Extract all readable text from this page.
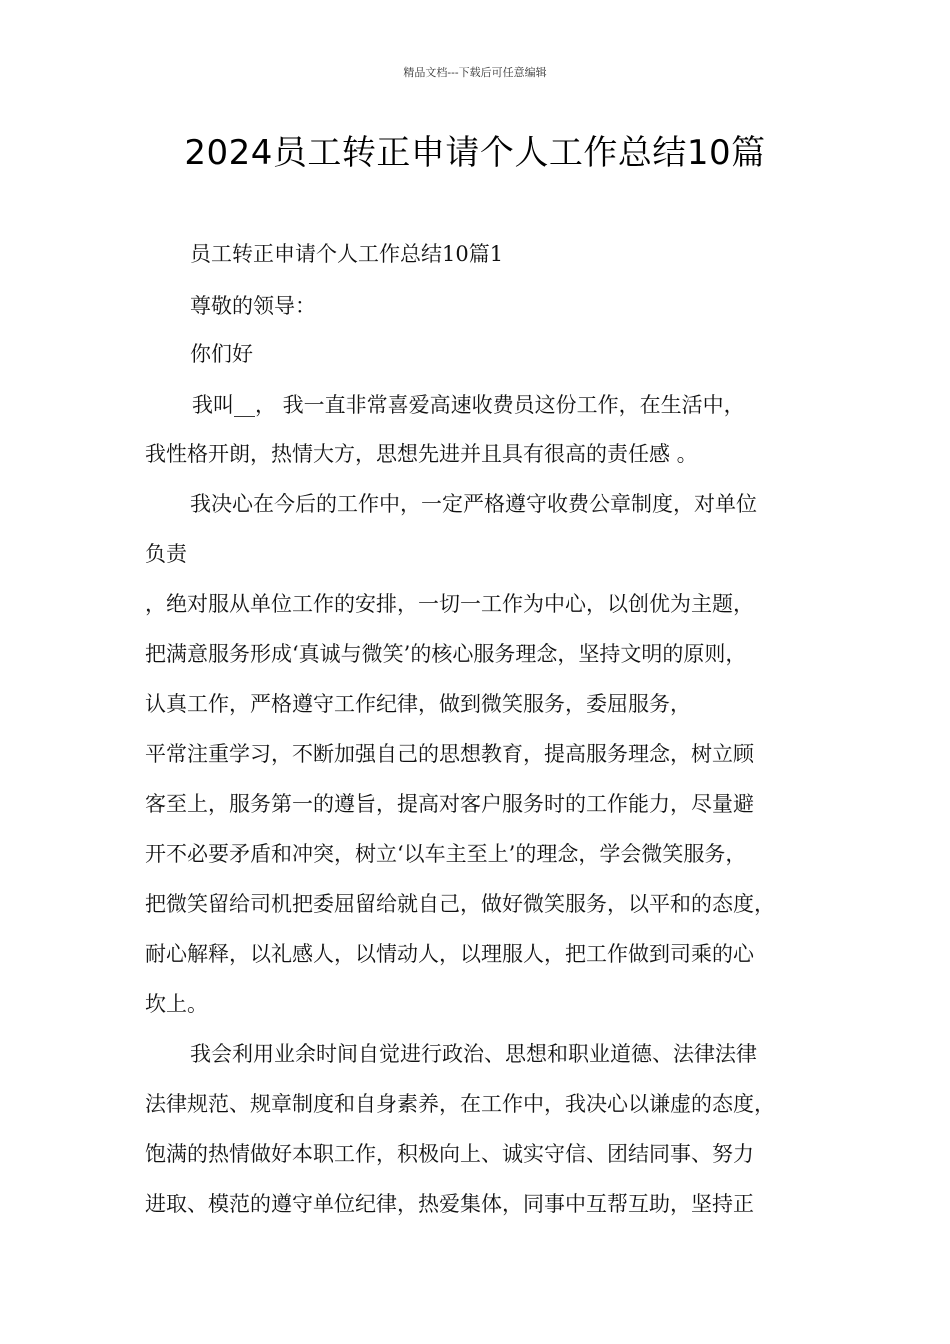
精品文档---下载后可任意编辑
2024员工转正申请个人工作总结10篇
员工转正申请个人工作总结10篇1
尊敬的领导：
你们好
我叫__， 我一直非常喜爱高速收费员这份工作，在生活中，
我性格开朗，热情大方，思想先进并且具有很高的责任感 。
我决心在今后的工作中，一定严格遵守收费公章制度，对单位
负责
，绝对服从单位工作的安排，一切一工作为中心，以创优为主题，
把满意服务形成‘真诚与微笑’的核心服务理念，坚持文明的原则，
认真工作，严格遵守工作纪律，做到微笑服务，委屈服务，
平常注重学习，不断加强自己的思想教育，提高服务理念，树立顾
客至上，服务第一的遵旨，提高对客户服务时的工作能力，尽量避
开不必要矛盾和冲突，树立‘以车主至上’的理念，学会微笑服务，
把微笑留给司机把委屈留给就自己，做好微笑服务，以平和的态度，
耐心解释，以礼感人，以情动人，以理服人，把工作做到司乘的心
坎上。
我会利用业余时间自觉进行政治、思想和职业道德、法律法律
法律规范、规章制度和自身素养，在工作中，我决心以谦虚的态度，
饱满的热情做好本职工作，积极向上、诚实守信、团结同事、努力
进取、模范的遵守单位纪律，热爱集体，同事中互帮互助，坚持正
